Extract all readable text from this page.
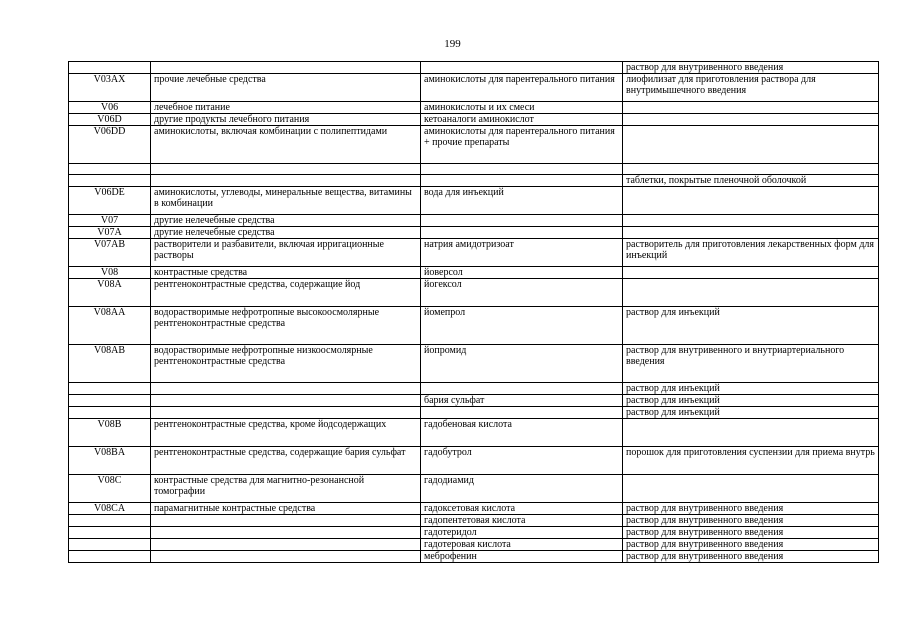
199
			раствор для внутривенного введения
V03AX	прочие лечебные средства	аминокислоты для парентерального питания	лиофилизат для приготовления раствора для внутримышечного введения
V06	лечебное питание	аминокислоты и их смеси	
V06D	другие продукты лечебного питания	кетоаналоги аминокислот	
V06DD	аминокислоты, включая комбинации с полипептидами	аминокислоты для парентерального питания + прочие препараты	

			таблетки, покрытые пленочной оболочкой
V06DE	аминокислоты, углеводы, минеральные вещества, витамины в комбинации	вода для инъекций	
V07	другие нелечебные средства		
V07A	другие нелечебные средства		
V07AB	растворители и разбавители, включая ирригационные растворы	натрия амидотризоат	растворитель для приготовления лекарственных форм для инъекций
V08	контрастные средства	йоверсол	
V08A	рентгеноконтрастные средства, содержащие йод	йогексол	
V08AA	водорастворимые нефротропные высокоосмолярные рентгеноконтрастные средства	йомепрол	раствор для инъекций
V08AB	водорастворимые нефротропные низкоосмолярные рентгеноконтрастные средства	йопромид	раствор для внутривенного и внутриартериального введения
			раствор для инъекций
		бария сульфат	раствор для инъекций
			раствор для инъекций
V08B	рентгеноконтрастные средства, кроме йодсодержащих	гадобеновая кислота	
V08BA	рентгеноконтрастные средства, содержащие бария сульфат	гадобутрол	порошок для приготовления суспензии для приема внутрь
V08C	контрастные средства для магнитно-резонансной томографии	гадодиамид	
V08CA	парамагнитные контрастные средства	гадоксетовая кислота	раствор для внутривенного введения
		гадопентетовая кислота	раствор для внутривенного введения
		гадотеридол	раствор для внутривенного введения
		гадотеровая кислота	раствор для внутривенного введения
		меброфенин	раствор для внутривенного введения
